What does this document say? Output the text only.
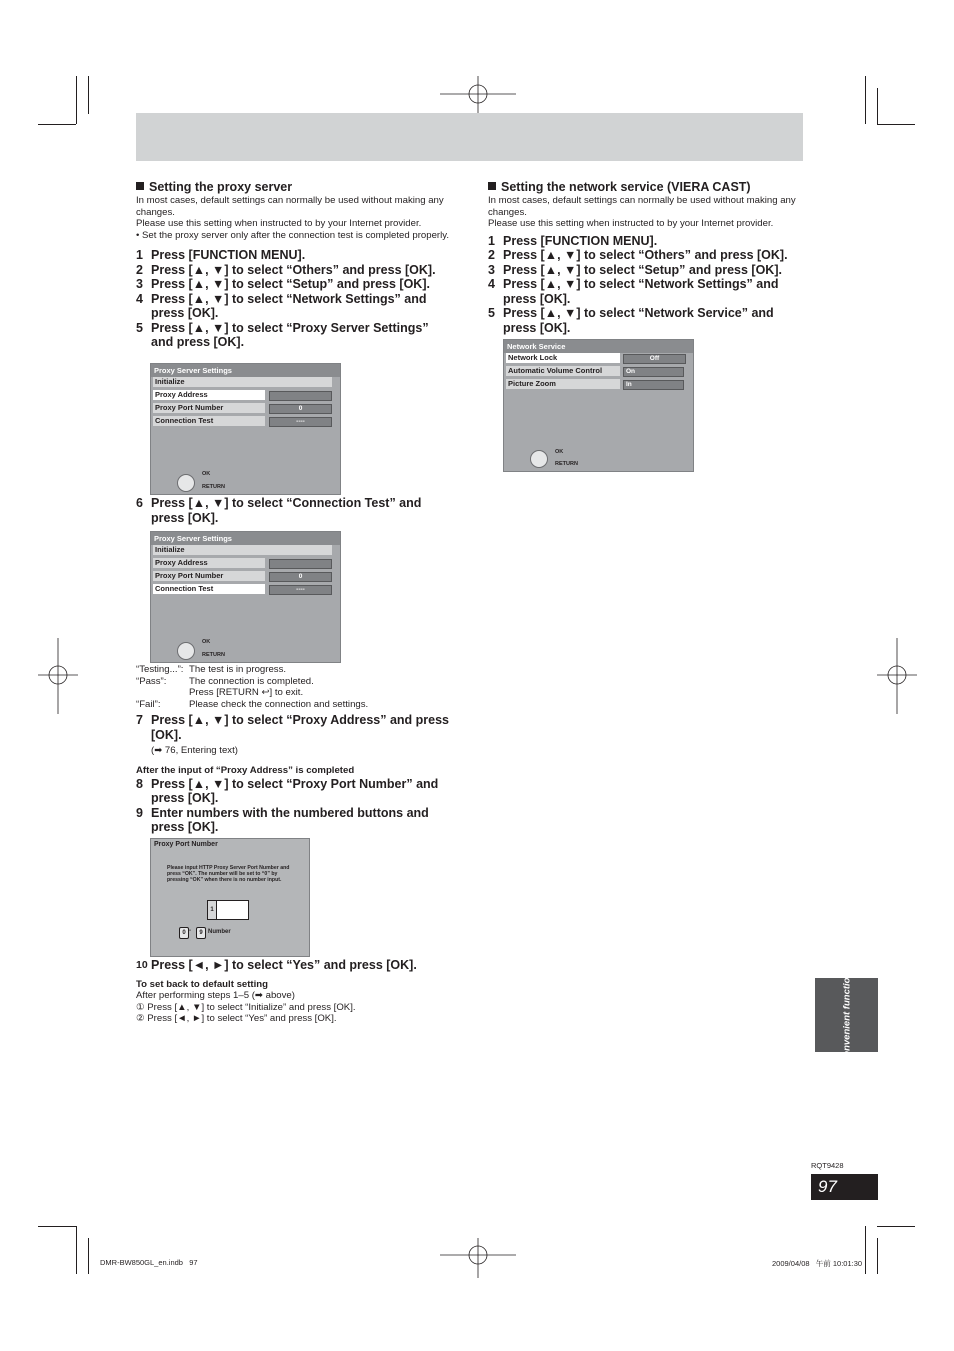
Setting the proxy server
In most cases, default settings can normally be used without making any changes.
Please use this setting when instructed to by your Internet provider.
• Set the proxy server only after the connection test is completed properly.
1 Press [FUNCTION MENU].
2 Press [▲, ▼] to select “Others” and press [OK].
3 Press [▲, ▼] to select “Setup” and press [OK].
4 Press [▲, ▼] to select “Network Settings” and press [OK].
5 Press [▲, ▼] to select “Proxy Server Settings” and press [OK].
Proxy Server Settings
Initialize
Proxy Address
Proxy Port Number	0
Connection Test	----
OK
RETURN
6 Press [▲, ▼] to select “Connection Test” and press [OK].
Proxy Server Settings
Initialize
Proxy Address
Proxy Port Number	0
Connection Test	----
OK
RETURN
“Testing...”: The test is in progress.
“Pass”:	The connection is completed.
Press [RETURN ↩] to exit.
“Fail”:	Please check the connection and settings.
7 Press [▲, ▼] to select “Proxy Address” and press [OK].
(➡ 76, Entering text)
After the input of “Proxy Address” is completed
8 Press [▲, ▼] to select “Proxy Port Number” and press [OK].
9 Enter numbers with the numbered buttons and press [OK].
Proxy Port Number
Please input HTTP Proxy Server Port Number and press “OK”. The number will be set to “0” by pressing “OK” when there is no number input.
1
0 -	9 Number
10 Press [◄, ►] to select “Yes” and press [OK].
To set back to default setting
After performing steps 1–5 (➡ above)
① Press [▲, ▼] to select “Initialize” and press [OK].
② Press [◄, ►] to select “Yes” and press [OK].
Setting the network service (VIERA CAST)
In most cases, default settings can normally be used without making any changes.
Please use this setting when instructed to by your Internet provider.
1 Press [FUNCTION MENU].
2 Press [▲, ▼] to select “Others” and press [OK].
3 Press [▲, ▼] to select “Setup” and press [OK].
4 Press [▲, ▼] to select “Network Settings” and press [OK].
5 Press [▲, ▼] to select “Network Service” and press [OK].
Network Service
Network Lock	Off
Automatic Volume Control	On
Picture Zoom	In
OK
RETURN
Convenient functions
RQT9428
97
DMR-BW850GL_en.indb   97	2009/04/08   午前 10:01:30
